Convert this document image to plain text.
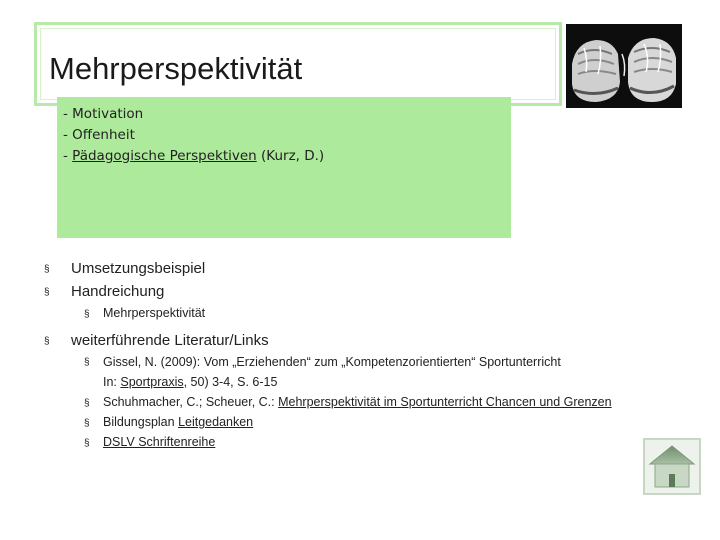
Mehrperspektivität
- Motivation
- Offenheit
- Pädagogische Perspektiven (Kurz, D.)
§ Umsetzungsbeispiel
§ Handreichung
§ Mehrperspektivität
§ weiterführende Literatur/Links
§ Gissel, N. (2009): Vom „Erziehenden“ zum „Kompetenzorientierten“ Sportunterricht
In: Sportpraxis, 50) 3-4, S. 6-15
§ Schuhmacher, C.; Scheuer, C.: Mehrperspektivität im Sportunterricht Chancen und Grenzen
§ Bildungsplan Leitgedanken
§ DSLV Schriftenreihe
